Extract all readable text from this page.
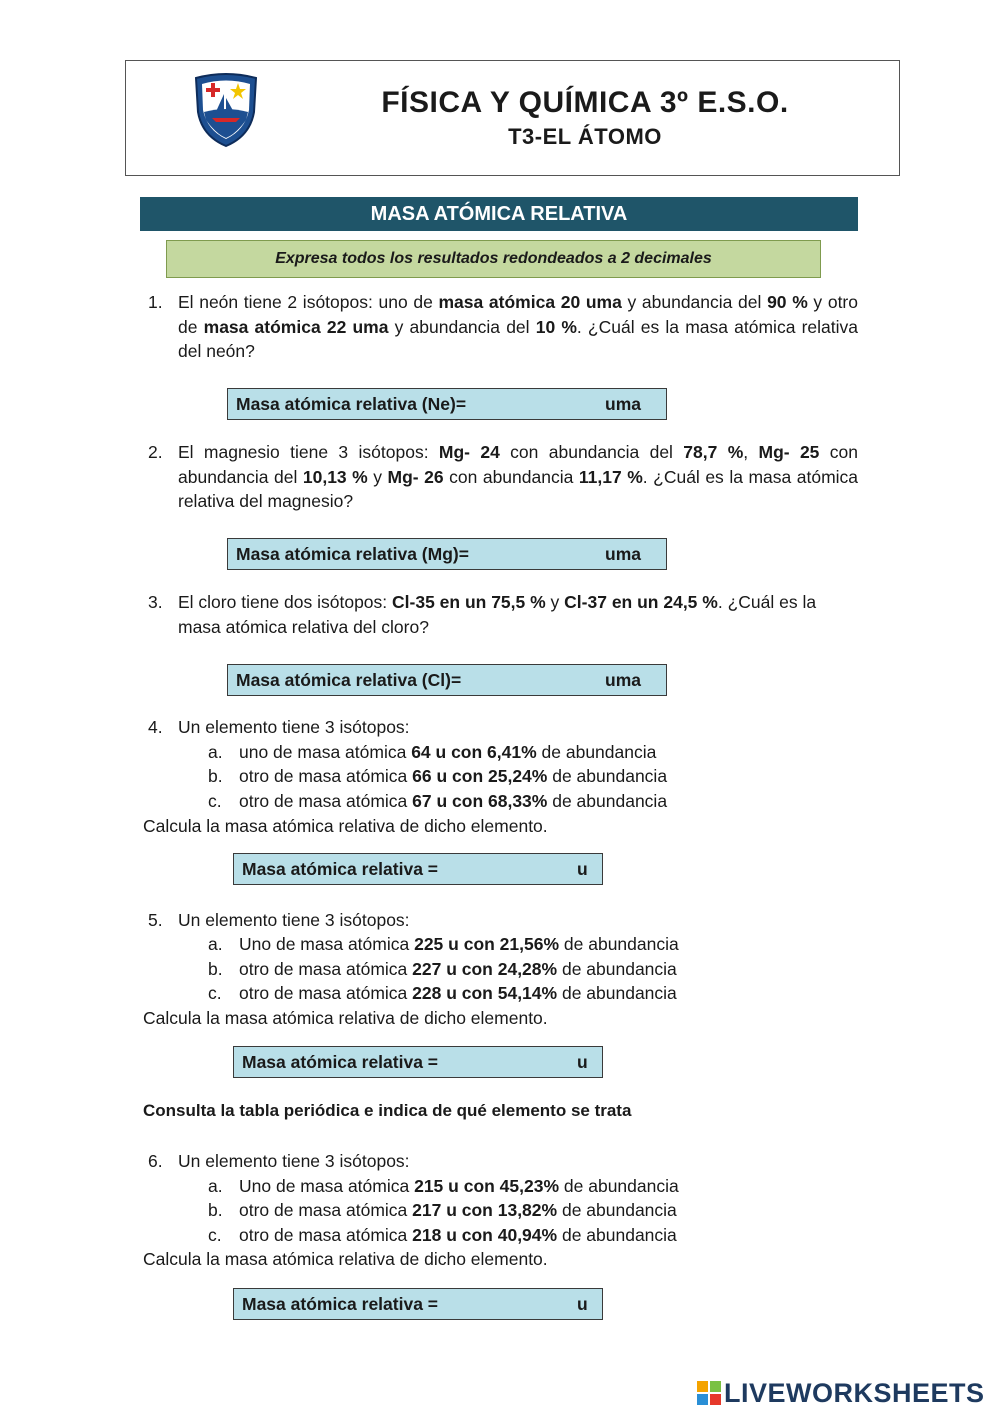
FÍSICA Y QUÍMICA 3º E.S.O.
T3-EL ÁTOMO
MASA ATÓMICA RELATIVA
Expresa todos los resultados redondeados a 2 decimales
1. El neón tiene 2 isótopos: uno de masa atómica 20 uma y abundancia del 90 % y otro de masa atómica 22 uma y abundancia del 10 %. ¿Cuál es la masa atómica relativa del neón?
Masa atómica relativa (Ne)=	uma
2. El magnesio tiene 3 isótopos: Mg- 24 con abundancia del 78,7 %, Mg- 25 con abundancia del 10,13 % y Mg- 26 con abundancia 11,17 %. ¿Cuál es la masa atómica relativa del magnesio?
Masa atómica relativa (Mg)=	uma
3. El cloro tiene dos isótopos: Cl-35 en un 75,5 % y Cl-37 en un 24,5 %. ¿Cuál es la masa atómica relativa del cloro?
Masa atómica relativa (Cl)=	uma
4. Un elemento tiene 3 isótopos:
a. uno de masa atómica 64 u con 6,41% de abundancia
b. otro de masa atómica 66 u con 25,24% de abundancia
c. otro de masa atómica 67 u con 68,33% de abundancia
Calcula la masa atómica relativa de dicho elemento.
Masa atómica relativa =	u
5. Un elemento tiene 3 isótopos:
a. Uno de masa atómica 225 u con 21,56% de abundancia
b. otro de masa atómica 227 u con 24,28% de abundancia
c. otro de masa atómica 228 u con 54,14% de abundancia
Calcula la masa atómica relativa de dicho elemento.
Masa atómica relativa =	u
Consulta la tabla periódica e indica de qué elemento se trata
6. Un elemento tiene 3 isótopos:
a. Uno de masa atómica 215 u con 45,23% de abundancia
b. otro de masa atómica 217 u con 13,82% de abundancia
c. otro de masa atómica 218 u con 40,94% de abundancia
Calcula la masa atómica relativa de dicho elemento.
Masa atómica relativa =	u
LIVEWORKSHEETS
